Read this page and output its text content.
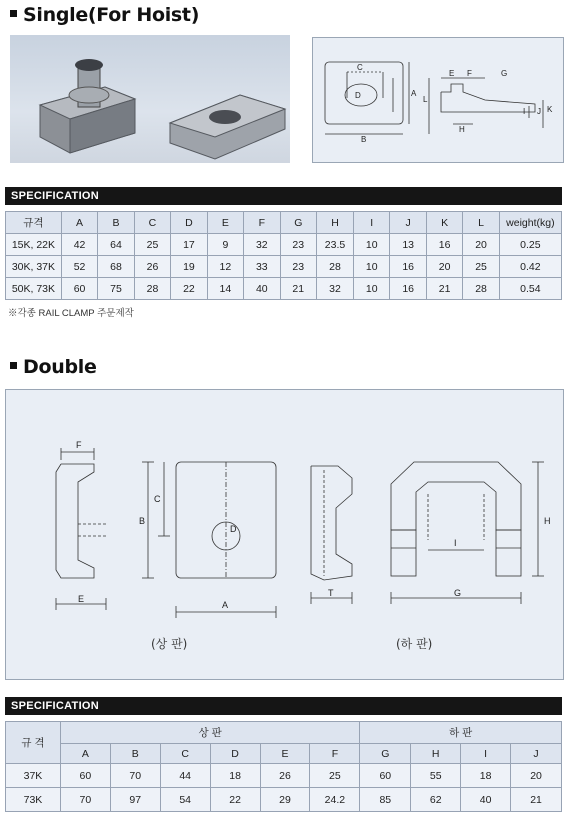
Single(For Hoist)
C
D	A
B
E F	G
L
H
I J K
SPECIFICATION
규격	A	B	C	D	E	F	G	H	I	J	K	L	weight(kg)
15K, 22K	42	64	25	17	9	32	23	23.5	10	13	16	20	0.25
30K, 37K	52	68	26	19	12	33	23	28	10	16	20	25	0.42
50K, 73K	60	75	28	22	14	40	21	32	10	16	21	28	0.54
※각종 RAIL CLAMP 주문제작
Double
F
E
B
C
D
A
T
H
I
G
(상 판)	(하 판)
SPECIFICATION
규 격	상 판						하 판			
	A	B	C	D	E	F	G	H	I	J
37K	60	70	44	18	26	25	60	55	18	20
73K	70	97	54	22	29	24.2	85	62	40	21
